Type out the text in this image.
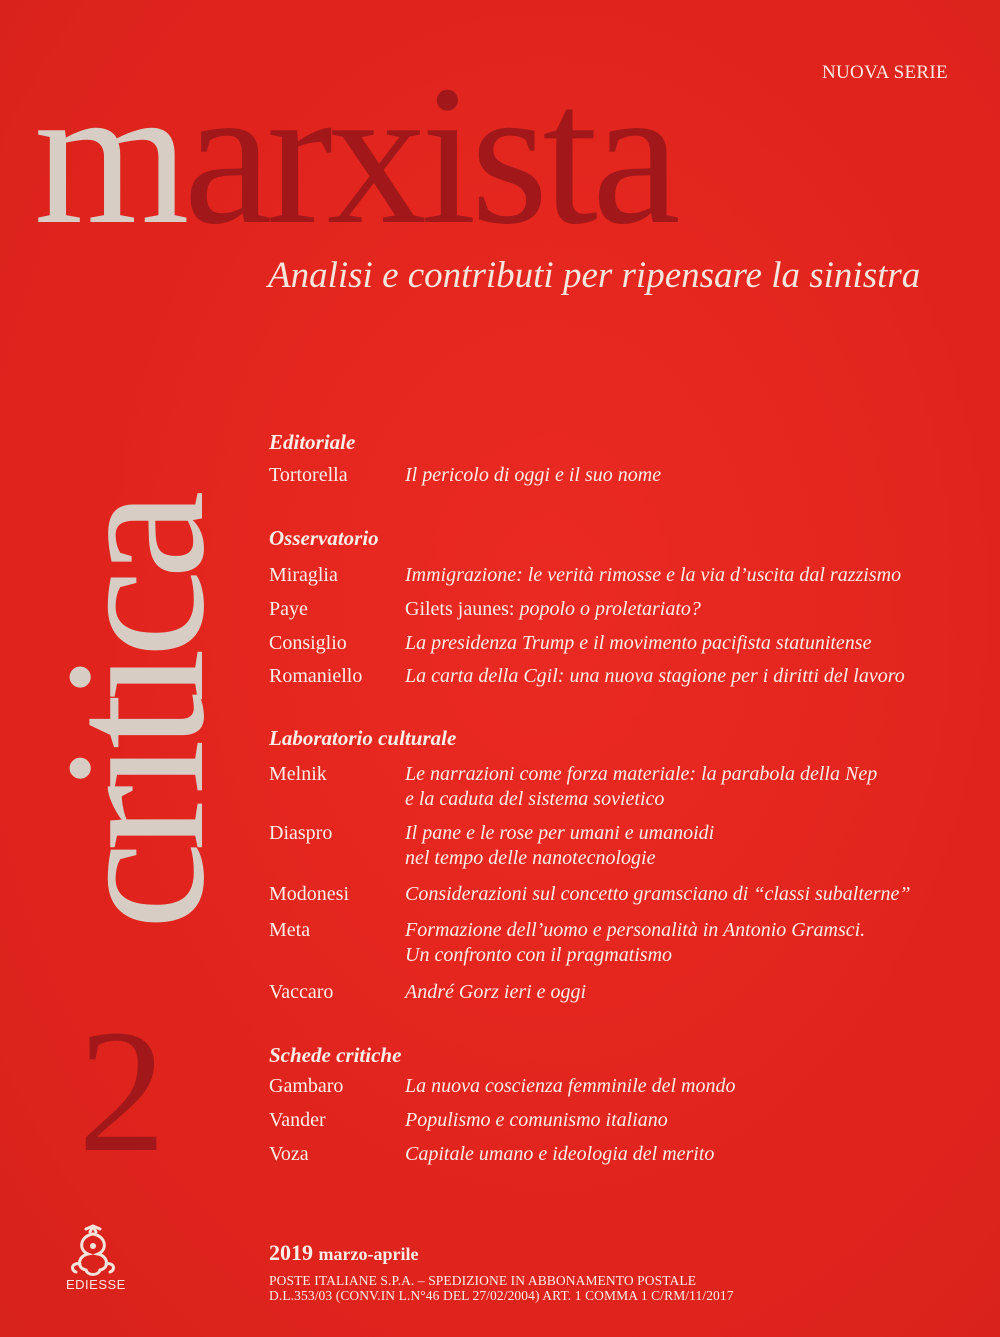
NUOVA SERIE
marxista
critica
2
Analisi e contributi per ripensare la sinistra
Editoriale
Tortorella	Il pericolo di oggi e il suo nome
Osservatorio
Miraglia	Immigrazione: le verità rimosse e la via d’uscita dal razzismo
Paye	Gilets jaunes: popolo o proletariato?
Consiglio	La presidenza Trump e il movimento pacifista statunitense
Romaniello La carta della Cgil: una nuova stagione per i diritti del lavoro
Laboratorio culturale
Melnik	Le narrazioni come forza materiale: la parabola della Nep
e la caduta del sistema sovietico
Diaspro	Il pane e le rose per umani e umanoidi
nel tempo delle nanotecnologie
Modonesi	Considerazioni sul concetto gramsciano di “classi subalterne”
Meta	Formazione dell’uomo e personalità in Antonio Gramsci.
Un confronto con il pragmatismo
Vaccaro	André Gorz ieri e oggi
Schede critiche
Gambaro	La nuova coscienza femminile del mondo
Vander	Populismo e comunismo italiano
Voza	Capitale umano e ideologia del merito
EDIESSE
2019 marzo-aprile
POSTE ITALIANE S.P.A. – SPEDIZIONE IN ABBONAMENTO POSTALE
D.L.353/03 (CONV.IN L.N°46 DEL 27/02/2004) ART. 1 COMMA 1 C/RM/11/2017
